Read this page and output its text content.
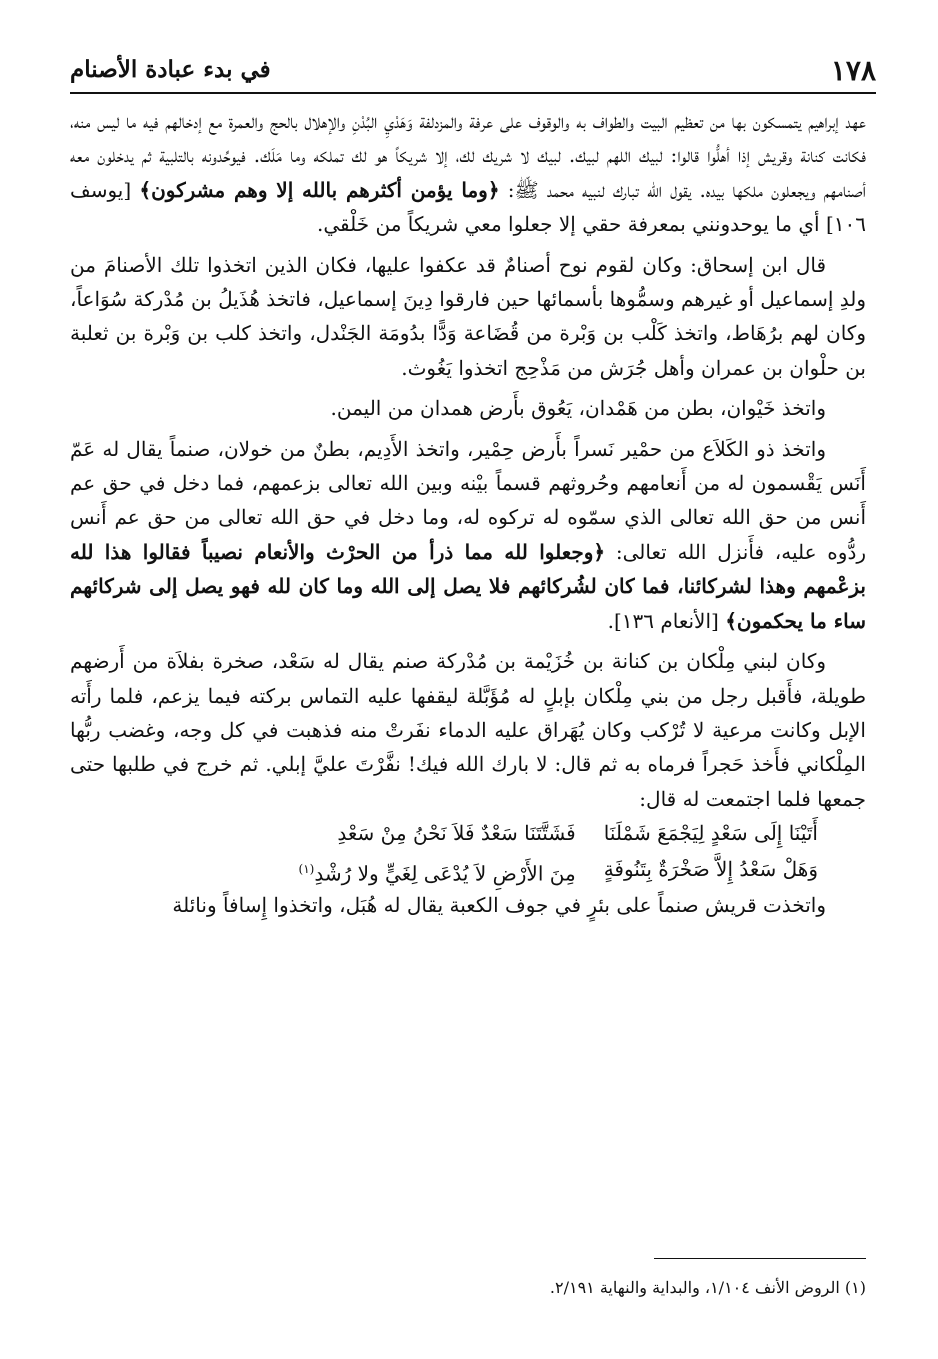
١٧٨
في بدء عبادة الأصنام

عهد إبراهيم يتمسكون بها من تعظيم البيت والطواف به والوقوف على عرفة والمزدلفة وَهَدْيِ البُدْنِ والإهلال بالحج والعمرة مع إدخالهم فيه ما ليس منه، فكانت كنانة وقريش إذا أهلُّوا قالوا: لبيك اللهم لبيك. لبيك لا شريك لك، إلا شريكاً هو لك تملكه وما مَلَك. فيوحِّدونه بالتلبية ثم يدخلون معه أصنامهم ويجعلون ملكها بيده. يقول الله تبارك لنبيه محمد ﷺ: ﴿وما يؤمن أكثرهم بالله إلا وهم مشركون﴾ [يوسف ١٠٦] أي ما يوحدونني بمعرفة حقي إلا جعلوا معي شريكاً من خَلْقي.

قال ابن إسحاق: وكان لقوم نوح أصنامٌ قد عكفوا عليها، فكان الذين اتخذوا تلك الأصنامَ من ولدِ إسماعيل أو غيرهم وسمُّوها بأسمائها حين فارقوا دِينَ إسماعيل، فاتخذ هُذَيلُ بن مُدْركة سُوَاعاً، وكان لهم برُهَاط، واتخذ كَلْب بن وَبْرة من قُضَاعة وَدًّا بدُومَة الجَنْدل، واتخذ كلب بن وَبْرة بن ثعلبة بن حلْوان بن عمران وأهل جُرَش من مَذْحِج اتخذوا يَغُوث.

واتخذ خَيْوان، بطن من هَمْدان، يَعُوق بأَرض همدان من اليمن.

واتخذ ذو الكَلاَع من حمْير نَسراً بأَرض حِمْير، واتخذ الأَدِيم، بطنٌ من خولان، صنماً يقال له عَمّ أَنَس يَقْسمون له من أَنعامهم وحُروثهم قسماً بيْنه وبين الله تعالى بزعمهم، فما دخل في حق عم أَنس من حق الله تعالى الذي سمّوه له تركوه له، وما دخل في حق الله تعالى من حق عم أَنس ردُّوه عليه، فأَنزل الله تعالى: ﴿وجعلوا لله مما ذرأ من الحرْث والأنعام نصيباً فقالوا هذا لله بزعْمهم وهذا لشركائنا، فما كان لشُركائهم فلا يصل إلى الله وما كان لله فهو يصل إلى شركائهم ساء ما يحكمون﴾ [الأنعام ١٣٦].

وكان لبني مِلْكان بن كنانة بن خُزَيْمة بن مُدْركة صنم يقال له سَعْد، صخرة بفلاَة من أَرضهم طويلة، فأَقبل رجل من بني مِلْكان بإبلٍ له مُؤَبَّلة ليقفها عليه التماس بركته فيما يزعم، فلما رأَته الإبل وكانت مرعية لا تُرْكب وكان يُهَراق عليه الدماء نفَرتْ منه فذهبت في كل وجه، وغضب ربُّها المِلْكاني فأَخذ حَجراً فرماه به ثم قال: لا بارك الله فيك! نفَّرْتَ عليَّ إبلي. ثم خرج في طلبها حتى جمعها فلما اجتمعت له قال:

أَتَيْنَا إِلَى سَعْدٍ لِيَجْمَعَ شَمْلَنَا
فَشَتَّتَنَا سَعْدٌ فَلاَ نَحْنُ مِنْ سَعْدِ
وَهَلْ سَعْدُ إِلاَّ صَخْرَةٌ بِتَنُوفَةٍ
مِنَ الأَرْضِ لاَ يُدْعَى لِغَيٍّ ولا رُشْدِ$^{(١)}$

واتخذت قريش صنماً على بئرٍ في جوف الكعبة يقال له هُبَل، واتخذوا إِسافاً ونائلة

(١) الروض الأنف ١/١٠٤، والبداية والنهاية ٢/١٩١.
